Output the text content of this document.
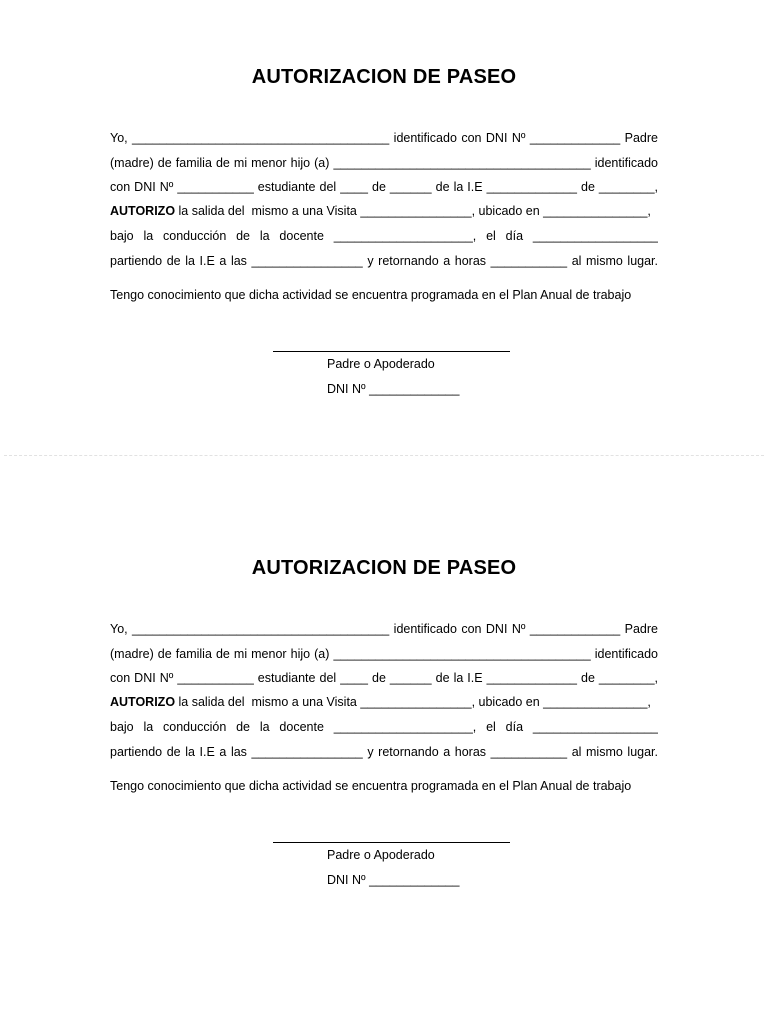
AUTORIZACION DE PASEO
Yo, _____________________________________ identificado con DNI Nº _____________ Padre
(madre) de familia de mi menor hijo (a) _____________________________________ identificado
con DNI Nº ___________ estudiante del ____ de ______ de la I.E _____________ de ________,
AUTORIZO la salida del  mismo a una Visita ________________, ubicado en _______________,
bajo la conducción de la docente ____________________, el día __________________
partiendo de la I.E a las ________________ y retornando a horas ___________ al mismo lugar.
Tengo conocimiento que dicha actividad se encuentra programada en el Plan Anual de trabajo
Padre o Apoderado
DNI Nº _____________
AUTORIZACION DE PASEO
Yo, _____________________________________ identificado con DNI Nº _____________ Padre
(madre) de familia de mi menor hijo (a) _____________________________________ identificado
con DNI Nº ___________ estudiante del ____ de ______ de la I.E _____________ de ________,
AUTORIZO la salida del  mismo a una Visita ________________, ubicado en _______________,
bajo la conducción de la docente ____________________, el día __________________
partiendo de la I.E a las ________________ y retornando a horas ___________ al mismo lugar.
Tengo conocimiento que dicha actividad se encuentra programada en el Plan Anual de trabajo
Padre o Apoderado
DNI Nº _____________
